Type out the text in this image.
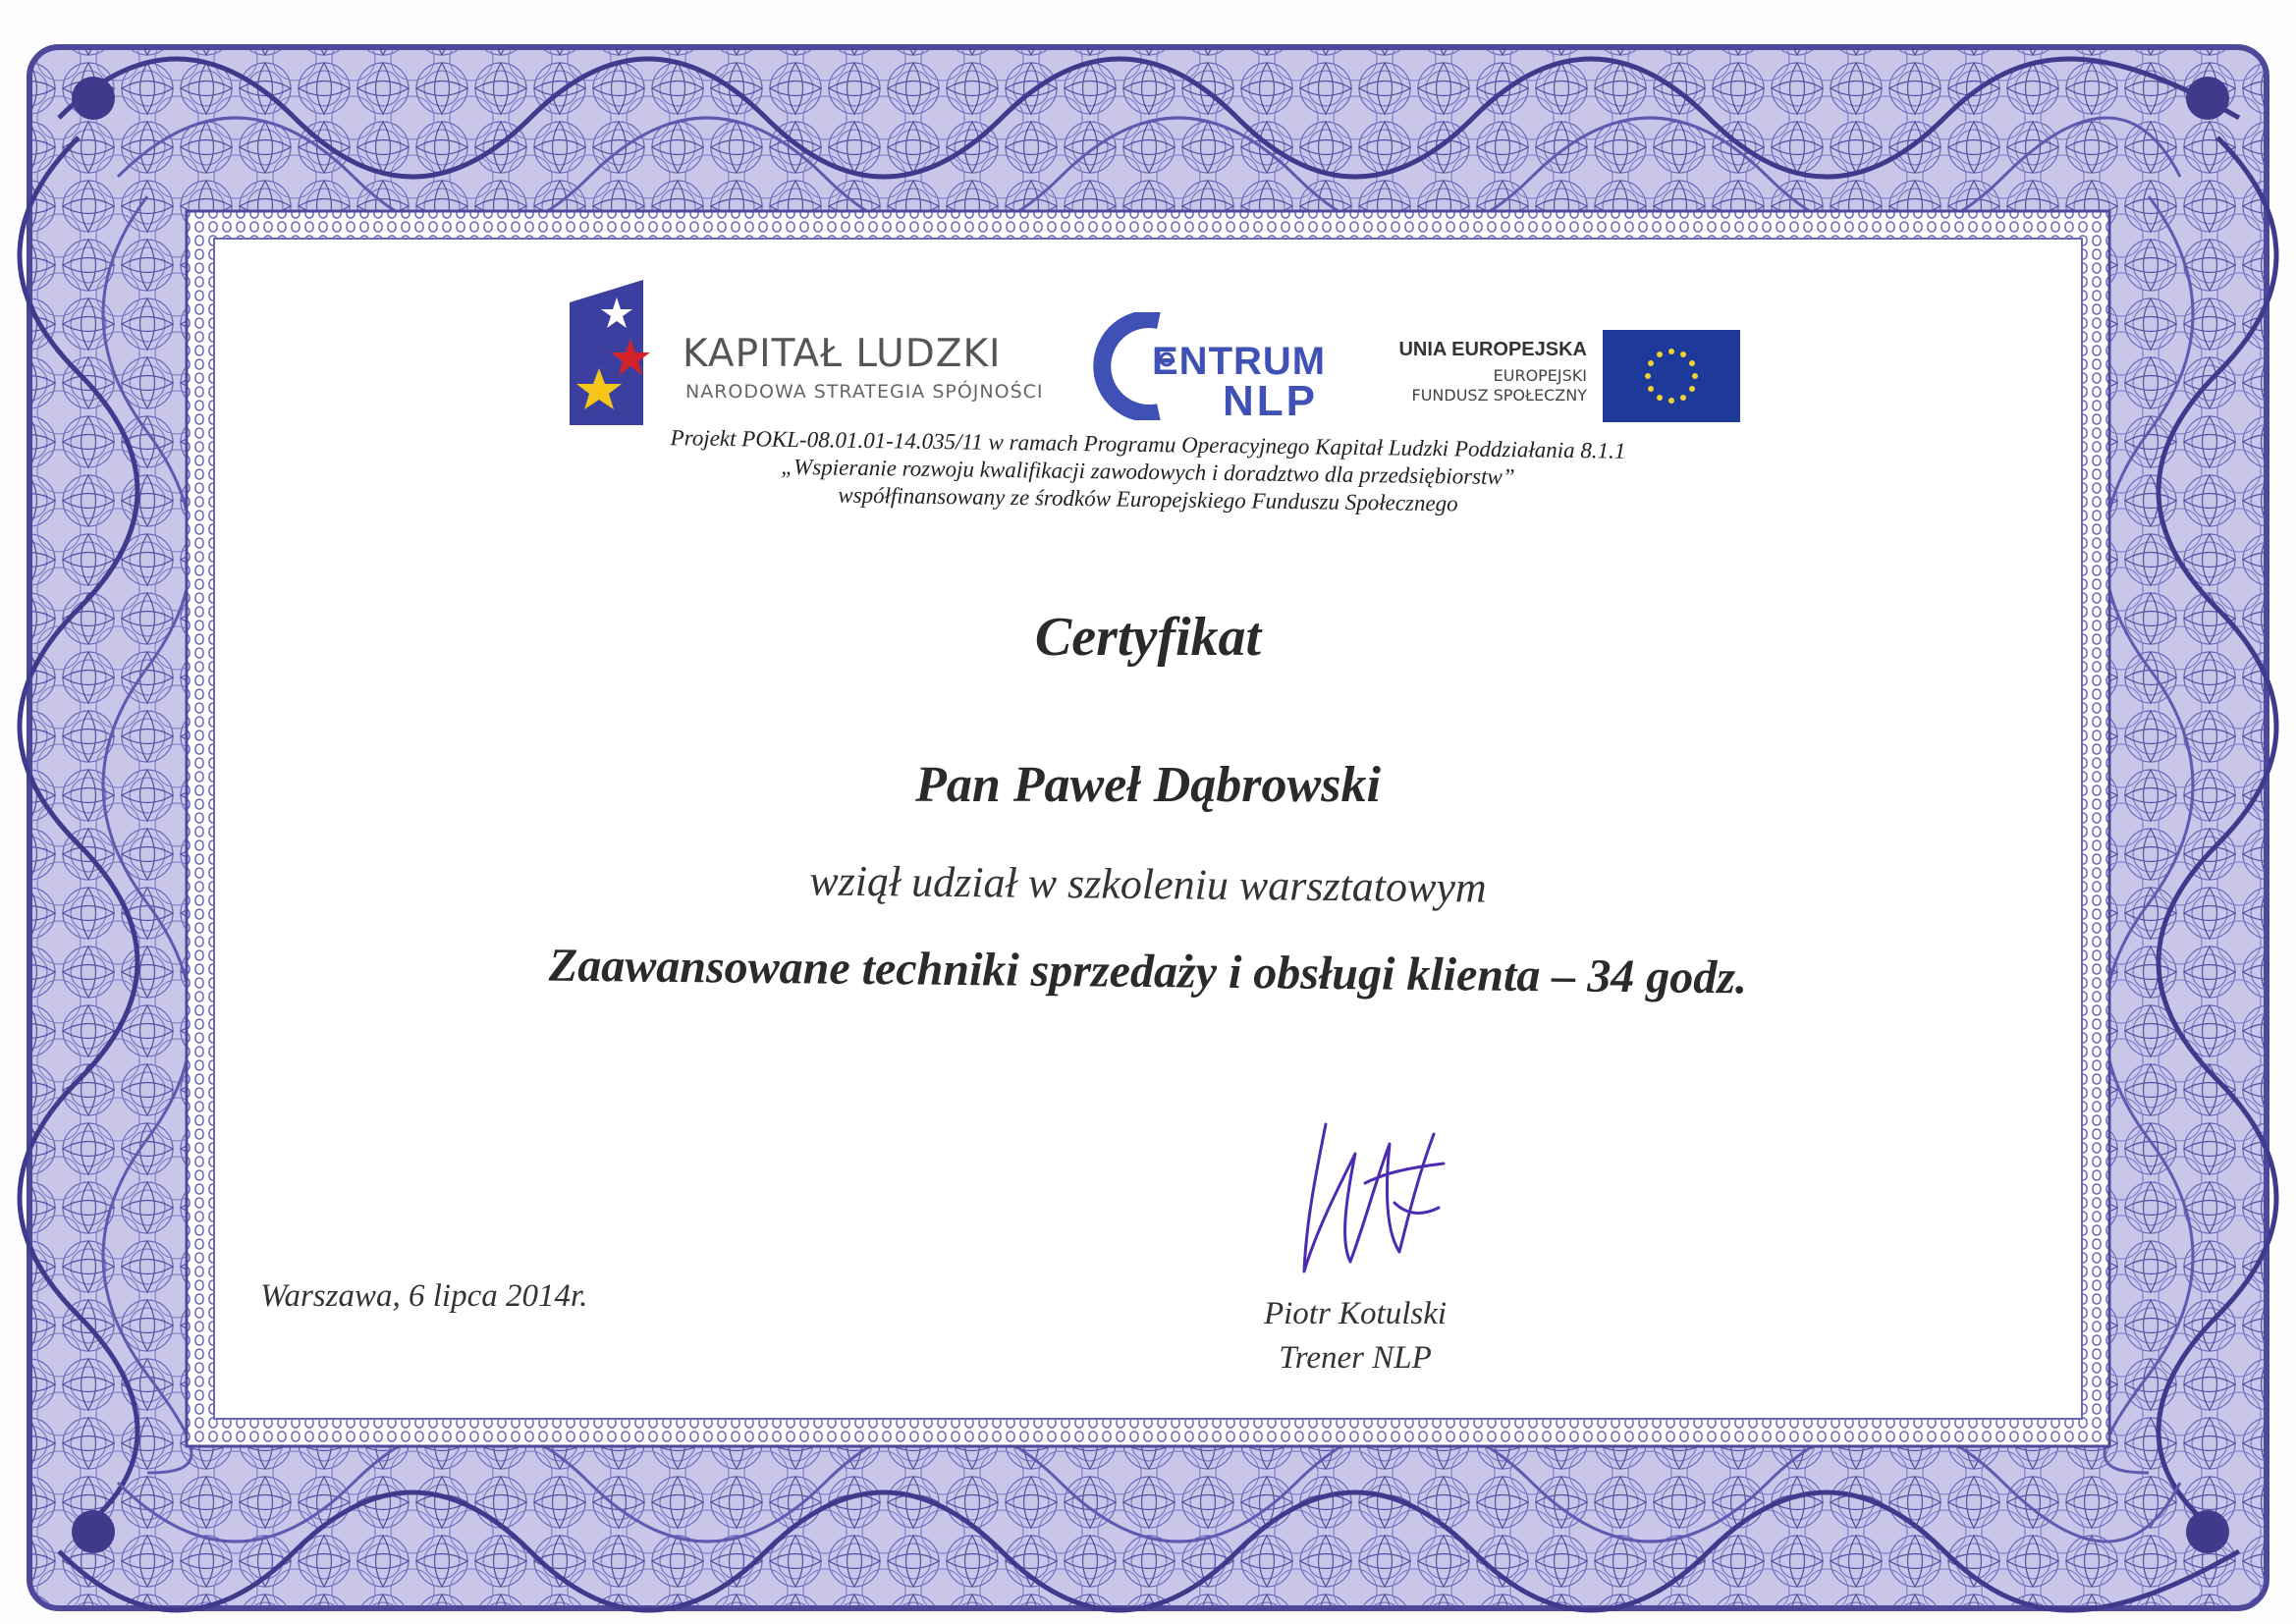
KAPITAŁ LUDZKI
NARODOWA STRATEGIA SPÓJNOŚCI
ENTRUM
NLP
UNIA EUROPEJSKA
EUROPEJSKI
FUNDUSZ SPOŁECZNY
Projekt POKL-08.01.01-14.035/11 w ramach Programu Operacyjnego Kapitał Ludzki Poddziałania 8.1.1
„Wspieranie rozwoju kwalifikacji zawodowych i doradztwo dla przedsiębiorstw”
współfinansowany ze środków Europejskiego Funduszu Społecznego
Certyfikat
Pan Paweł Dąbrowski
wziął udział w szkoleniu warsztatowym
Zaawansowane techniki sprzedaży i obsługi klienta – 34 godz.
Warszawa, 6 lipca 2014r.	Piotr Kotulski
Trener NLP
